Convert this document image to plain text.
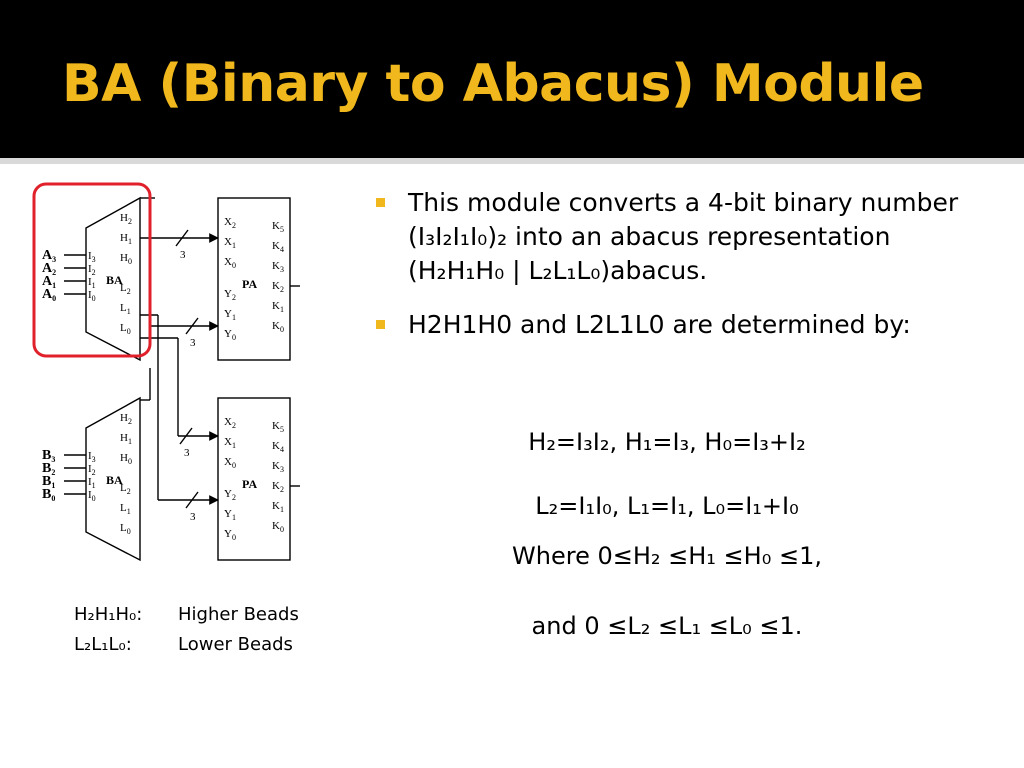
BA (Binary to Abacus) Module
BA
$A_3$
$A_2$
$A_1$
$A_0$
$I_3$
$I_2$
$I_1$
$I_0$
$H_2$
$H_1$
$H_0$
$L_2$
$L_1$
$L_0$
BA
$B_3$
$B_2$
$B_1$
$B_0$
$I_3$
$I_2$
$I_1$
$I_0$
$H_2$
$H_1$
$H_0$
$L_2$
$L_1$
$L_0$
PA
$X_2$
$X_1$
$X_0$
$Y_2$
$Y_1$
$Y_0$
$K_5$
$K_4$
$K_3$
$K_2$
$K_1$
$K_0$
PA
$X_2$
$X_1$
$X_0$
$Y_2$
$Y_1$
$Y_0$
$K_5$
$K_4$
$K_3$
$K_2$
$K_1$
$K_0$
3
3
3
3
H₂H₁H₀:	Higher Beads
L₂L₁L₀:	Lower Beads
This module converts a 4-bit binary number (I₃I₂I₁I₀)₂ into an abacus representation (H₂H₁H₀ | L₂L₁L₀)abacus.
H2H1H0 and L2L1L0 are determined by:
H₂=I₃I₂, H₁=I₃, H₀=I₃+I₂
L₂=I₁I₀, L₁=I₁, L₀=I₁+I₀
Where 0≤H₂ ≤H₁ ≤H₀ ≤1,
and 0 ≤L₂ ≤L₁ ≤L₀ ≤1.
